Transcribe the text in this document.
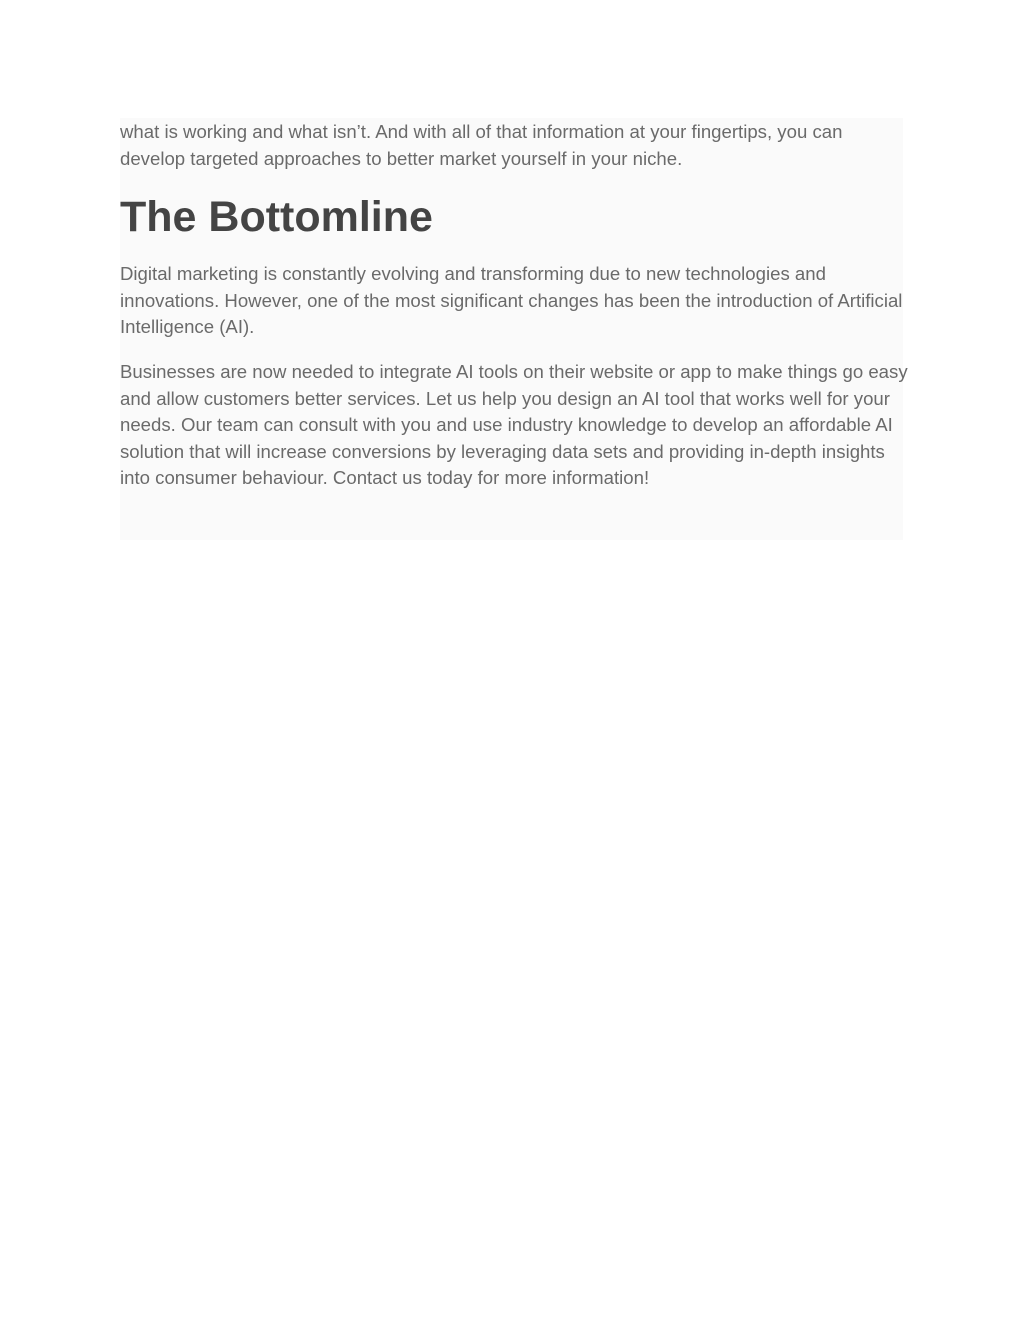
what is working and what isn’t. And with all of that information at your fingertips, you can develop targeted approaches to better market yourself in your niche.

The Bottomline

Digital marketing is constantly evolving and transforming due to new technologies and innovations. However, one of the most significant changes has been the introduction of Artificial Intelligence (AI).

Businesses are now needed to integrate AI tools on their website or app to make things go easy and allow customers better services. Let us help you design an AI tool that works well for your needs. Our team can consult with you and use industry knowledge to develop an affordable AI solution that will increase conversions by leveraging data sets and providing in-depth insights into consumer behaviour. Contact us today for more information!
